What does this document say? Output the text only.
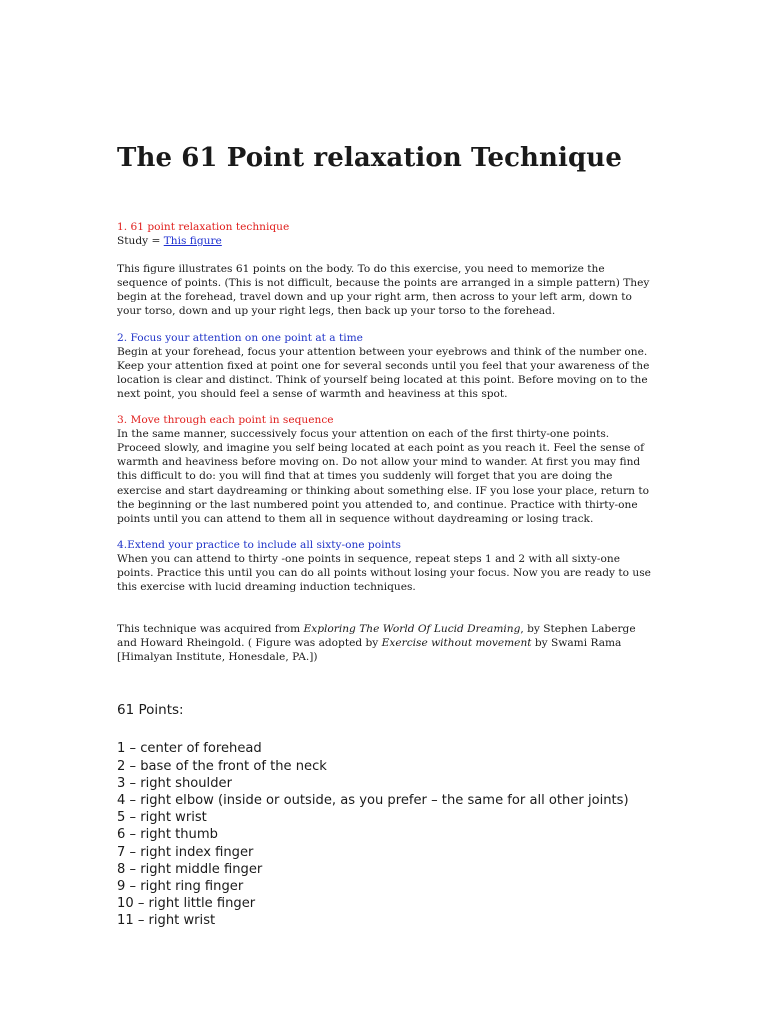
The 61 Point relaxation Technique
1. 61 point relaxation technique

Study = This figure

This figure illustrates 61 points on the body. To do this exercise, you need to memorize the sequence of points. (This is not difficult, because the points are arranged in a simple pattern) They begin at the forehead, travel down and up your right arm, then across to your left arm, down to your torso, down and up your right legs, then back up your torso to the forehead.

2. Focus your attention on one point at a time

Begin at your forehead, focus your attention between your eyebrows and think of the number one. Keep your attention fixed at point one for several seconds until you feel that your awareness of the location is clear and distinct. Think of yourself being located at this point. Before moving on to the next point, you should feel a sense of warmth and heaviness at this spot.

3. Move through each point in sequence

In the same manner, successively focus your attention on each of the first thirty-one points. Proceed slowly, and imagine you self being located at each point as you reach it. Feel the sense of warmth and heaviness before moving on. Do not allow your mind to wander. At first you may find this difficult to do: you will find that at times you suddenly will forget that you are doing the exercise and start daydreaming or thinking about something else. IF you lose your place, return to the beginning or the last numbered point you attended to, and continue. Practice with thirty-one points until you can attend to them all in sequence without daydreaming or losing track.

4.Extend your practice to include all sixty-one points

When you can attend to thirty -one points in sequence, repeat steps 1 and 2 with all sixty-one points. Practice this until you can do all points without losing your focus. Now you are ready to use this exercise with lucid dreaming induction techniques.

This technique was acquired from Exploring The World Of Lucid Dreaming, by Stephen Laberge and Howard Rheingold. ( Figure was adopted by Exercise without movement by Swami Rama [Himalyan Institute, Honesdale, PA.])

61 Points:
1 – center of forehead
2 – base of the front of the neck
3 – right shoulder
4 – right elbow (inside or outside, as you prefer – the same for all other joints)
5 – right wrist
6 – right thumb
7 – right index finger
8 – right middle finger
9 – right ring finger
10 – right little finger
11 – right wrist
